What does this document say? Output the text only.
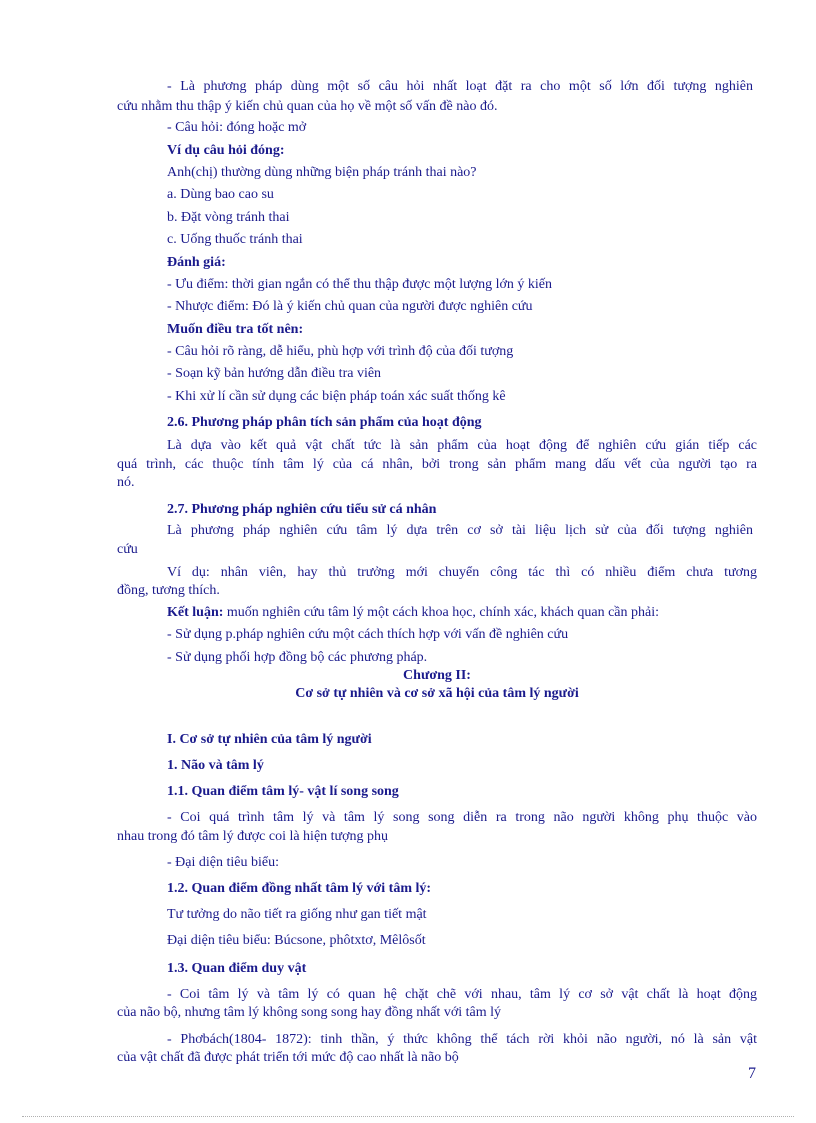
- Là phương pháp dùng một số câu hỏi nhất loạt đặt ra cho một số lớn đối tượng nghiên
cứu nhằm thu thập ý kiến chủ quan của họ về một số vấn đề nào đó.
- Câu hỏi: đóng hoặc mở
Ví dụ câu hỏi đóng:
Anh(chị) thường dùng những biện pháp tránh thai nào?
a. Dùng bao cao su
b. Đặt vòng tránh thai
c. Uống thuốc tránh thai
Đánh giá:
- Ưu điểm: thời gian ngắn có thể thu thập được một lượng lớn ý kiến
- Nhược điểm: Đó là ý kiến chủ quan của người được nghiên cứu
Muốn điều tra tốt nên:
- Câu hỏi rõ ràng, dễ hiểu, phù hợp với trình độ của đối tượng
- Soạn kỹ bản hướng dẫn điều tra viên
- Khi xử lí cần sử dụng các biện pháp toán xác suất thống kê
2.6. Phương pháp phân tích sản phẩm của hoạt động
Là dựa vào kết quả vật chất tức là sản phẩm của hoạt động để nghiên cứu gián tiếp các
quá trình, các thuộc tính tâm lý của cá nhân, bởi trong sản phẩm mang dấu vết của người tạo ra
nó.
2.7. Phương pháp nghiên cứu tiểu sử cá nhân
Là phương pháp nghiên cứu tâm lý dựa trên cơ sở tài liệu lịch sử của đối tượng nghiên
cứu
Ví dụ: nhân viên, hay thủ trưởng mới chuyển công tác thì có nhiều điểm chưa tương
đồng, tương thích.
Kết luận: muốn nghiên cứu tâm lý một cách khoa học, chính xác, khách quan cần phải:
- Sử dụng p.pháp nghiên cứu một cách thích hợp với vấn đề nghiên cứu
- Sử dụng phối hợp đồng bộ các phương pháp.
Chương II:
Cơ sở tự nhiên và cơ sở xã hội của tâm lý người
I. Cơ sở tự nhiên của tâm lý người
1. Não và tâm lý
1.1. Quan điểm tâm lý- vật lí song song
- Coi quá trình tâm lý và tâm lý song song diễn ra trong não người không phụ thuộc vào
nhau trong đó tâm lý được coi là hiện tượng phụ
- Đại diện tiêu biểu:
1.2. Quan điểm đồng nhất tâm lý với tâm lý:
Tư tưởng do não tiết ra giống như gan tiết mật
Đại diện tiêu biểu: Búcsone, phôtxtơ, Mêlôsốt
1.3. Quan điểm duy vật
- Coi tâm lý và tâm lý có quan hệ chặt chẽ với nhau, tâm lý cơ sở vật chất là hoạt động
của não bộ, nhưng tâm lý không song song hay đồng nhất với tâm lý
- Phơbách(1804- 1872): tinh thần, ý thức không thể tách rời khỏi não người, nó là sản vật
của vật chất đã được phát triển tới mức độ cao nhất là não bộ
7
